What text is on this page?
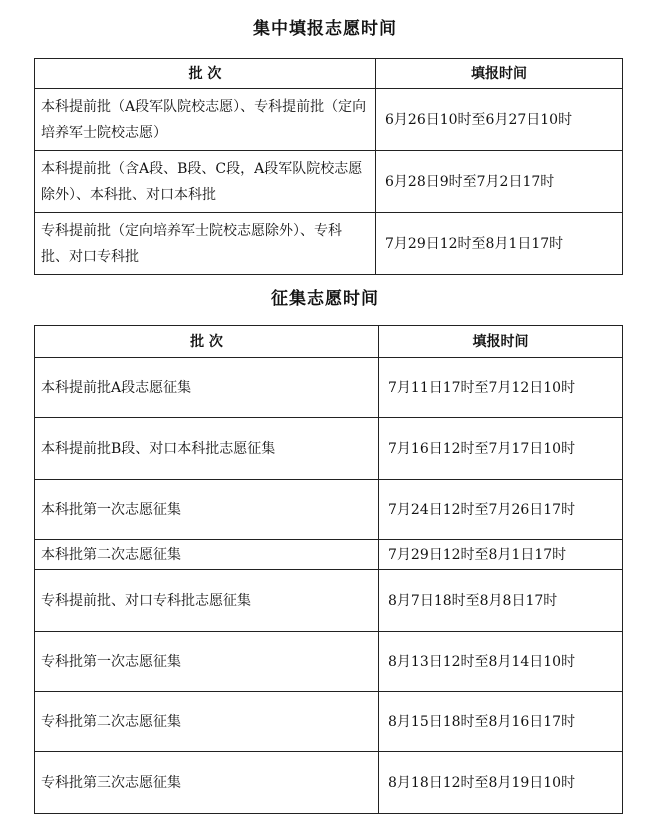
集中填报志愿时间
批 次	填报时间
本科提前批（A段军队院校志愿）、专科提前批（定向培养军士院校志愿）	6月26日10时至6月27日10时
本科提前批（含A段、B段、C段，A段军队院校志愿除外）、本科批、对口本科批	6月28日9时至7月2日17时
专科提前批（定向培养军士院校志愿除外）、专科批、对口专科批	7月29日12时至8月1日17时
征集志愿时间
批 次	填报时间
本科提前批A段志愿征集	7月11日17时至7月12日10时
本科提前批B段、对口本科批志愿征集	7月16日12时至7月17日10时
本科批第一次志愿征集	7月24日12时至7月26日17时
本科批第二次志愿征集	7月29日12时至8月1日17时
专科提前批、对口专科批志愿征集	8月7日18时至8月8日17时
专科批第一次志愿征集	8月13日12时至8月14日10时
专科批第二次志愿征集	8月15日18时至8月16日17时
专科批第三次志愿征集	8月18日12时至8月19日10时
